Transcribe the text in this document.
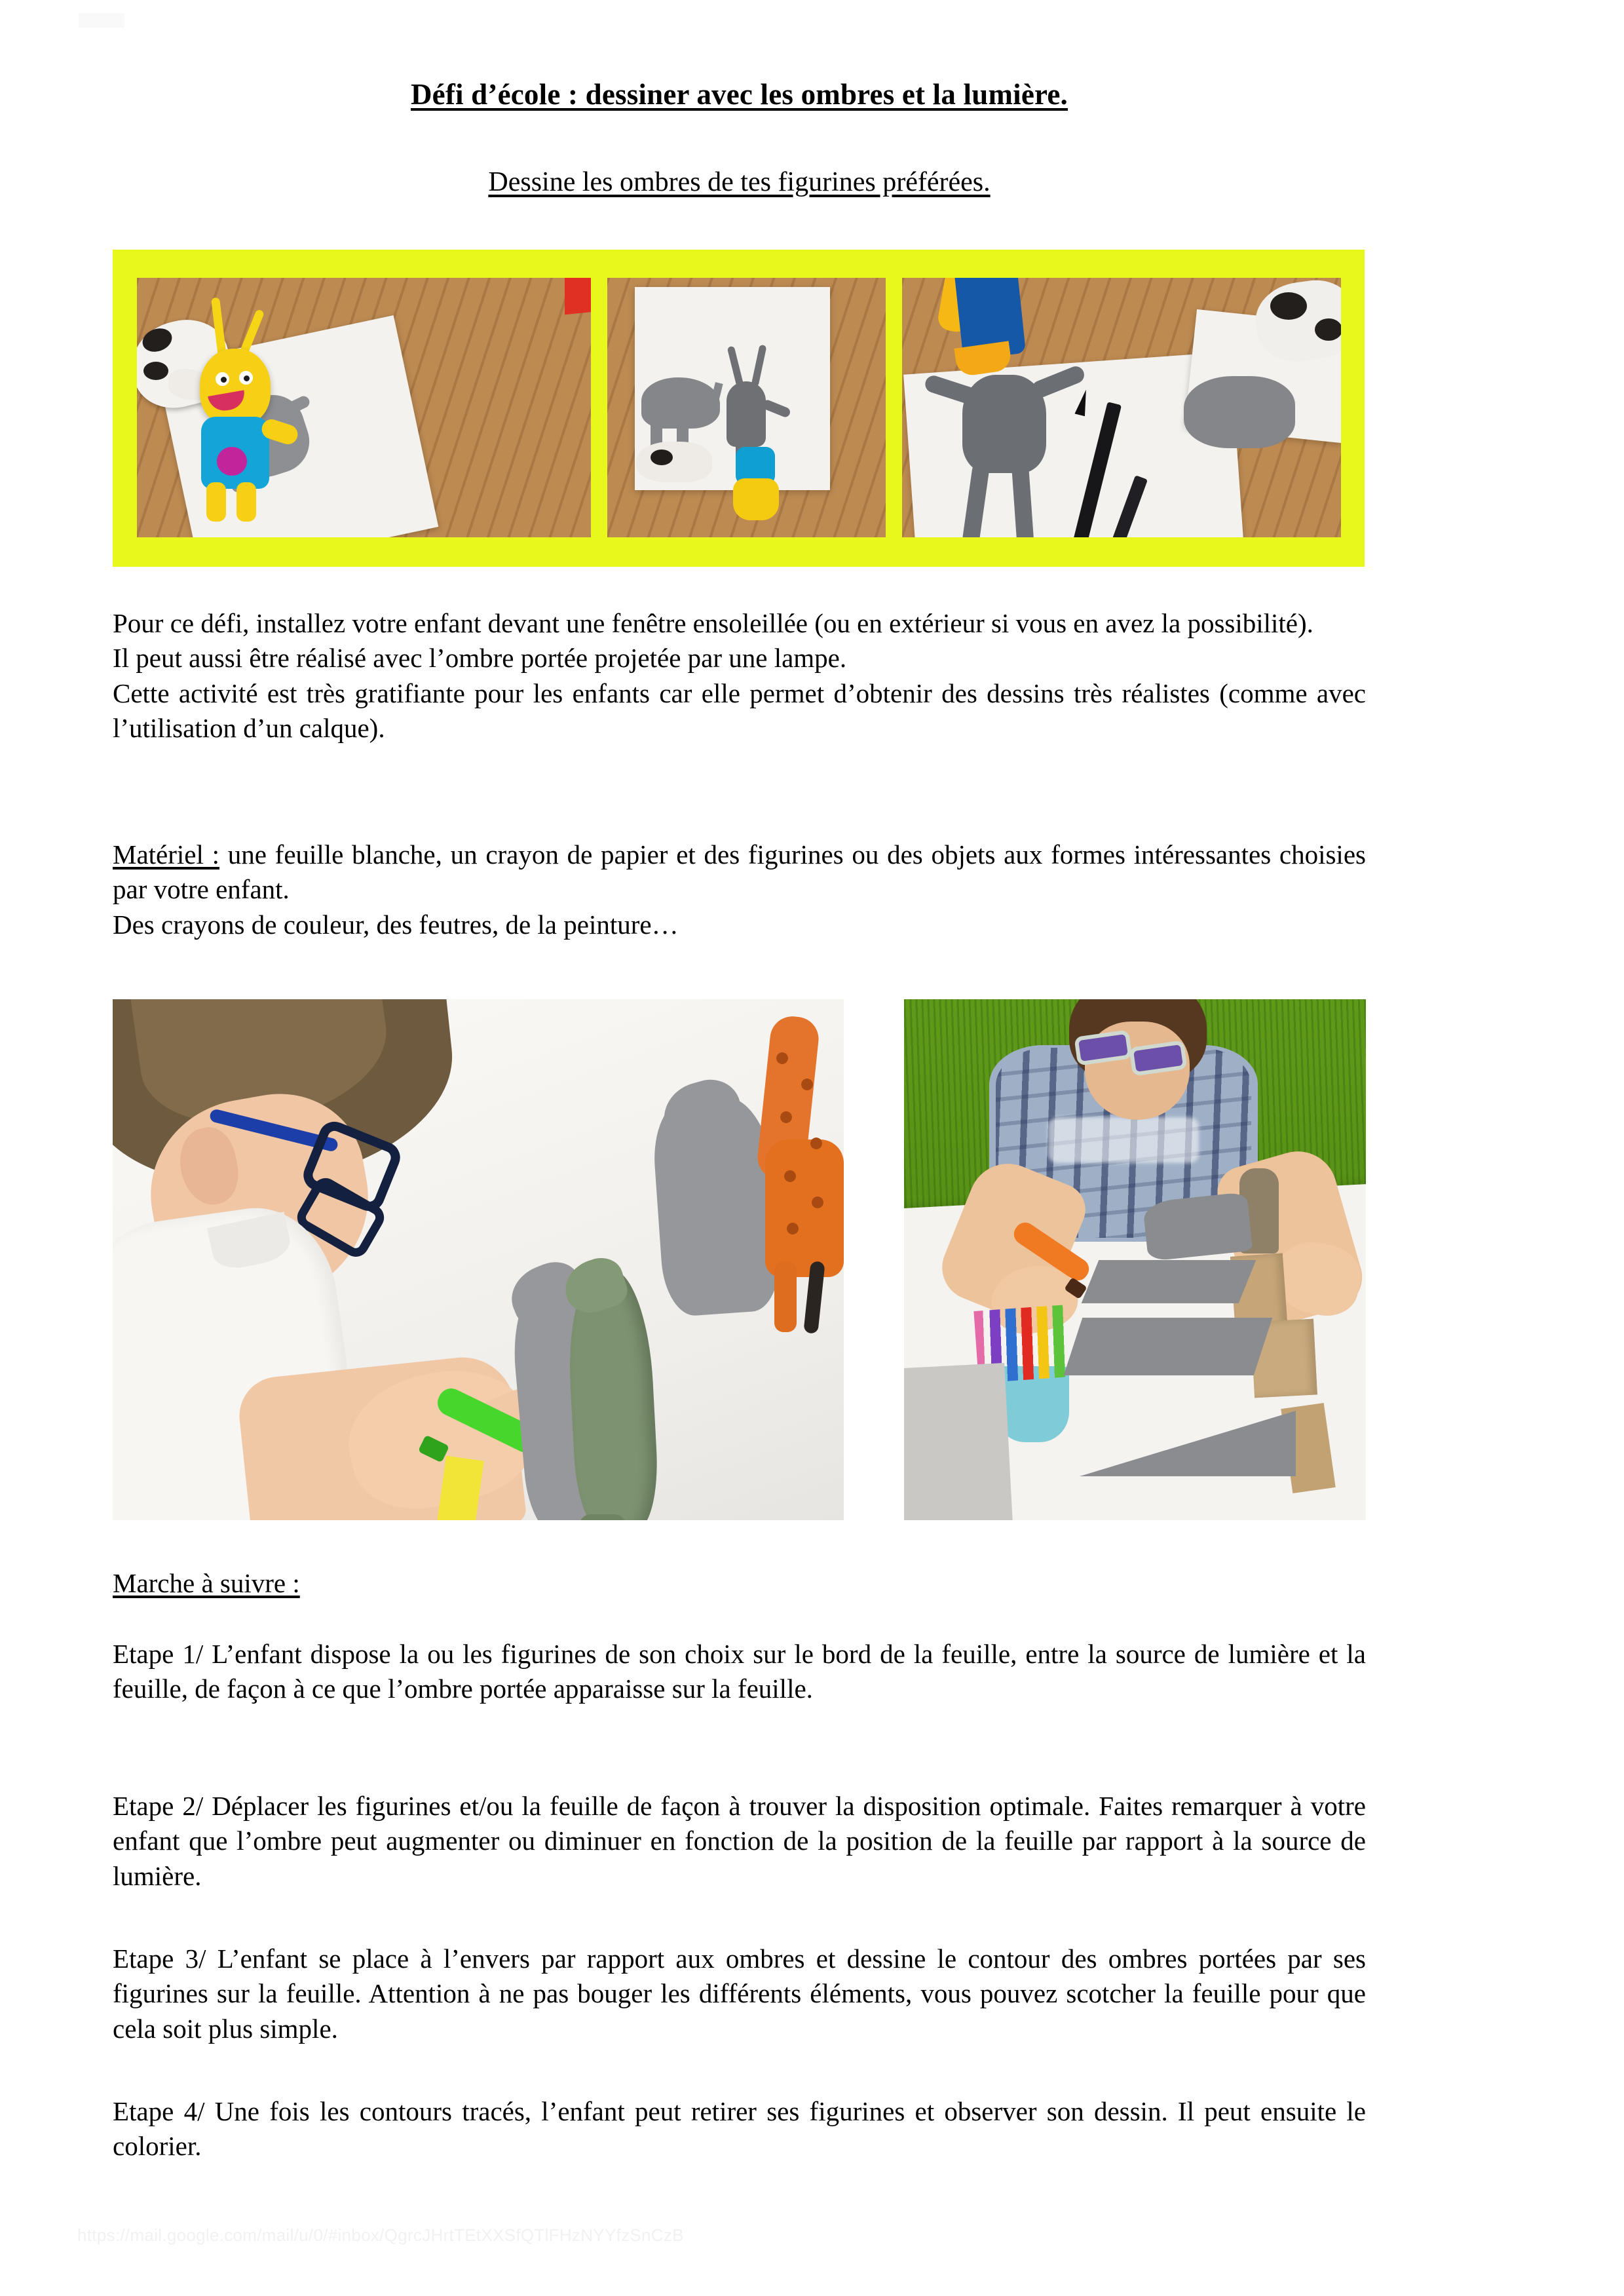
Défi d’école : dessiner avec les ombres et la lumière.
Dessine les ombres de tes figurines préférées.

Pour ce défi, installez votre enfant devant une fenêtre ensoleillée (ou en extérieur si vous en avez la possibilité).

Il peut aussi être réalisé avec l’ombre portée projetée par une lampe.

Cette activité est très gratifiante pour les enfants car elle permet d’obtenir des dessins très réalistes (comme avec l’utilisation d’un calque).

Matériel : une feuille blanche, un crayon de papier et des figurines ou des objets aux formes intéressantes choisies par votre enfant.

Des crayons de couleur, des feutres, de la peinture…

Marche à suivre :

Etape 1/ L’enfant dispose la ou les figurines de son choix sur le bord de la feuille, entre la source de lumière et la feuille, de façon à ce que l’ombre portée apparaisse sur la feuille.

Etape 2/ Déplacer les figurines et/ou la feuille de façon à trouver la disposition optimale. Faites remarquer à votre enfant que l’ombre peut augmenter ou diminuer en fonction de la position de la feuille par rapport à la source de lumière.

Etape 3/ L’enfant se place à l’envers par rapport aux ombres et dessine le contour des ombres portées par ses figurines sur la feuille. Attention à ne pas bouger les différents éléments, vous pouvez scotcher la feuille pour que cela soit plus simple.

Etape 4/ Une fois les contours tracés, l’enfant peut retirer ses figurines et observer son dessin. Il peut ensuite le colorier.

https://mail.google.com/mail/u/0/#inbox/QgrcJHrtTEtXXSfQTlFHzNYYfzSnCzB
